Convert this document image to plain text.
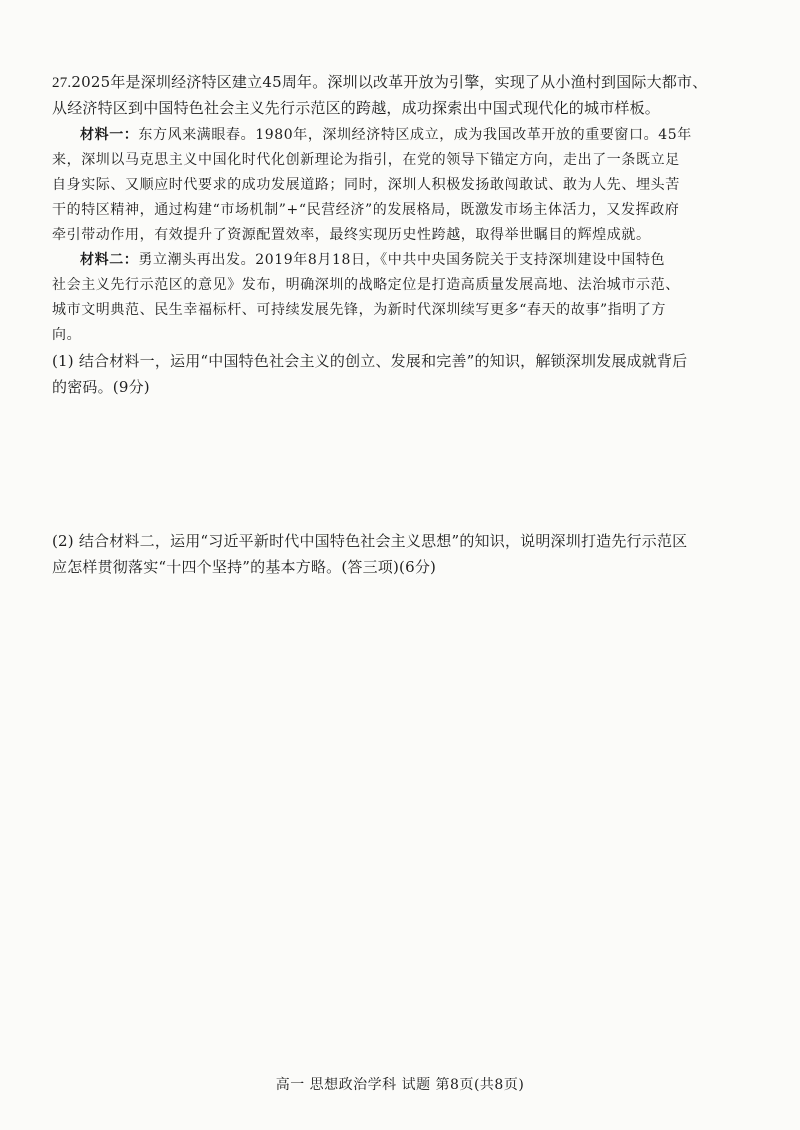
27.2025年是深圳经济特区建立45周年。深圳以改革开放为引擎，实现了从小渔村到国际大都市、
从经济特区到中国特色社会主义先行示范区的跨越，成功探索出中国式现代化的城市样板。
材料一：东方风来满眼春。1980年，深圳经济特区成立，成为我国改革开放的重要窗口。45年
来，深圳以马克思主义中国化时代化创新理论为指引，在党的领导下锚定方向，走出了一条既立足
自身实际、又顺应时代要求的成功发展道路；同时，深圳人积极发扬敢闯敢试、敢为人先、埋头苦
干的特区精神，通过构建“市场机制”+“民营经济”的发展格局，既激发市场主体活力，又发挥政府
牵引带动作用，有效提升了资源配置效率，最终实现历史性跨越，取得举世瞩目的辉煌成就。
材料二：勇立潮头再出发。2019年8月18日，《中共中央国务院关于支持深圳建设中国特色
社会主义先行示范区的意见》发布，明确深圳的战略定位是打造高质量发展高地、法治城市示范、
城市文明典范、民生幸福标杆、可持续发展先锋，为新时代深圳续写更多“春天的故事”指明了方
向。
(1) 结合材料一，运用“中国特色社会主义的创立、发展和完善”的知识，解锁深圳发展成就背后
的密码。(9分)
(2) 结合材料二，运用“习近平新时代中国特色社会主义思想”的知识，说明深圳打造先行示范区
应怎样贯彻落实“十四个坚持”的基本方略。(答三项)(6分)
高一 思想政治学科 试题 第8页(共8页)
